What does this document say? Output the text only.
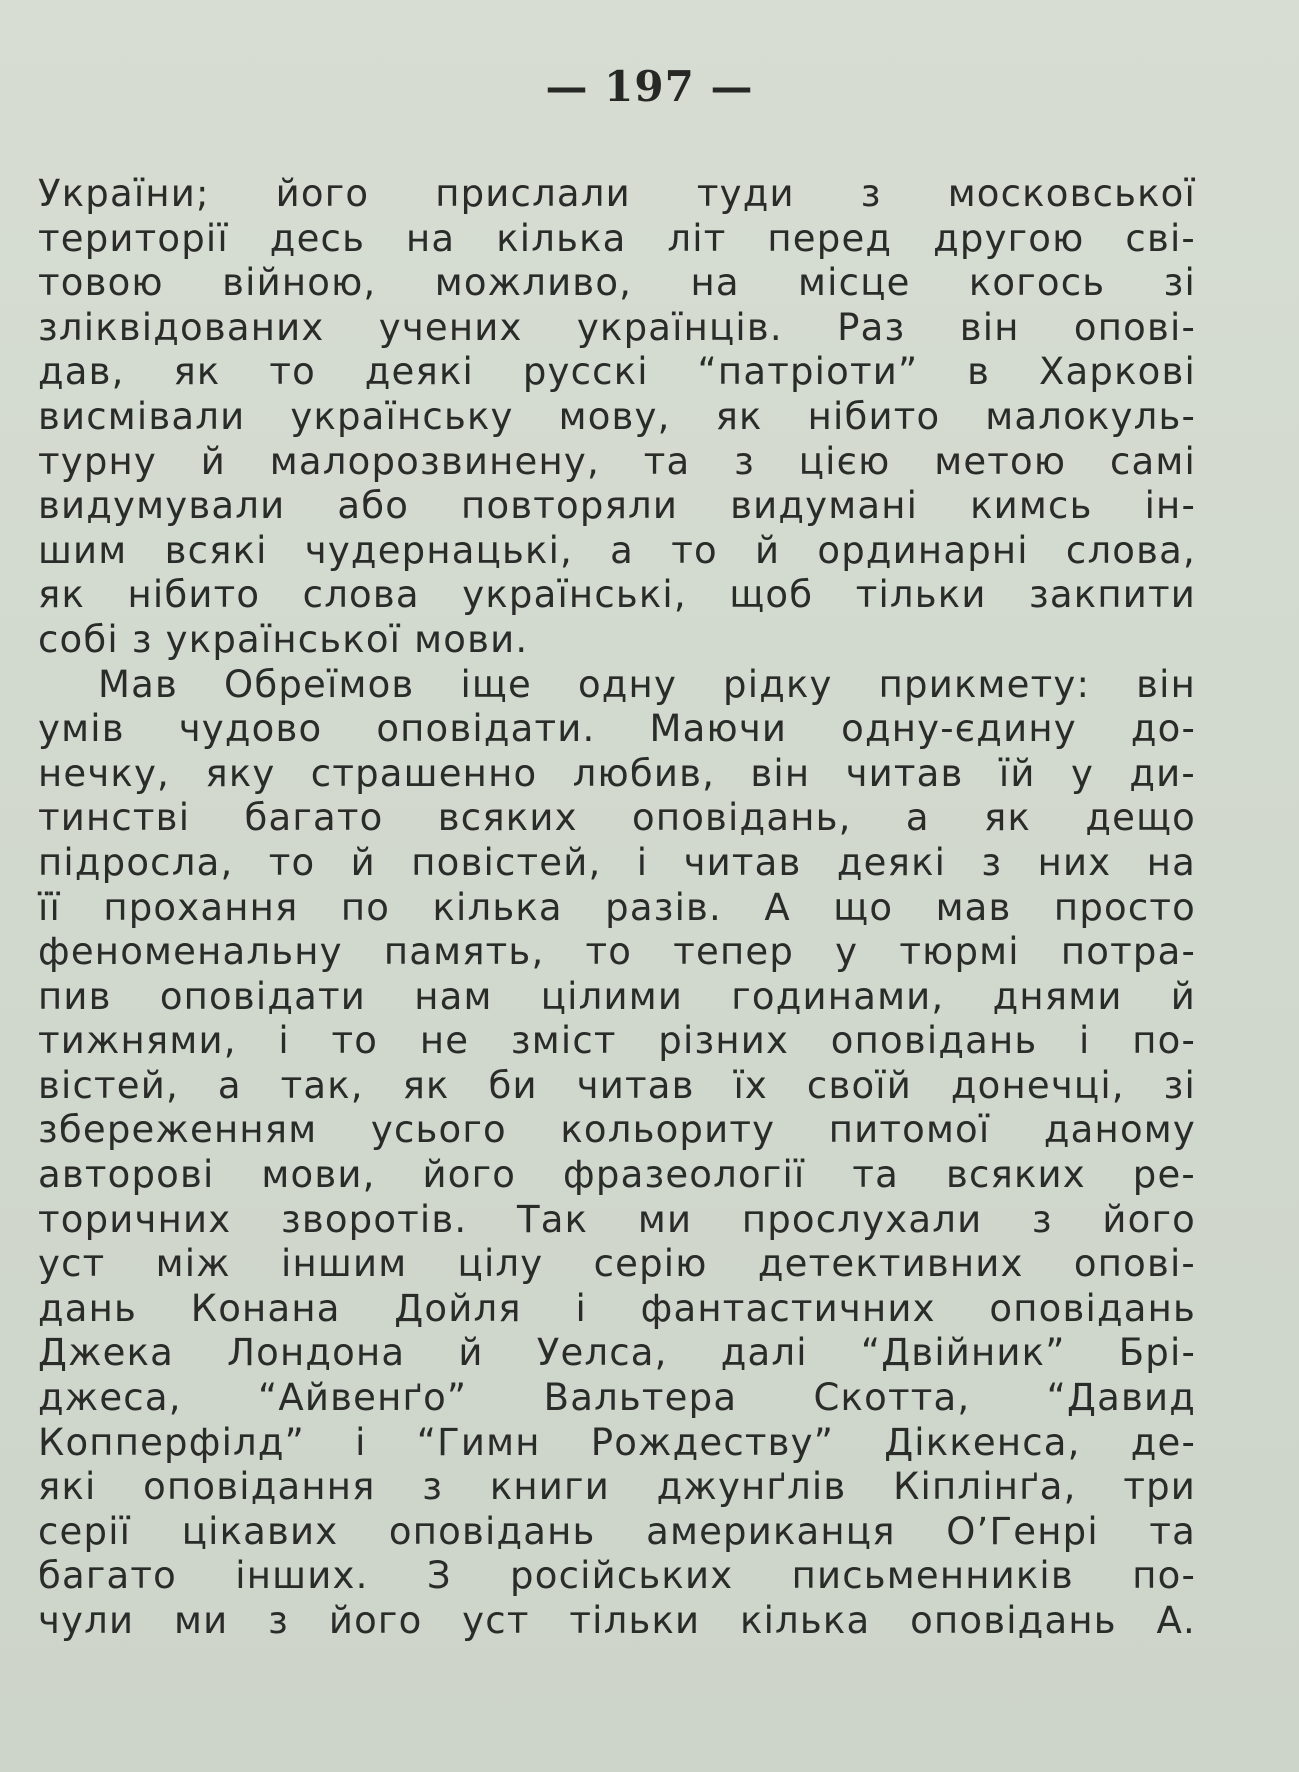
— 197 —
України; його прислали туди з московської
території десь на кілька літ перед другою сві-
товою війною, можливо, на місце когось зі
зліквідованих учених українців. Раз він опові-
дав, як то деякі русскі “патріоти” в Харкові
висмівали українську мову, як нібито малокуль-
турну й малорозвинену, та з цією метою самі
видумували або повторяли видумані кимсь ін-
шим всякі чудернацькі, а то й ординарні слова,
як нібито слова українські, щоб тільки закпити
собі з української мови.
Мав Обреїмов іще одну рідку прикмету: він
умів чудово оповідати. Маючи одну-єдину до-
нечку, яку страшенно любив, він читав їй у ди-
тинстві багато всяких оповідань, а як дещо
підросла, то й повістей, і читав деякі з них на
її прохання по кілька разів. А що мав просто
феноменальну память, то тепер у тюрмі потра-
пив оповідати нам цілими годинами, днями й
тижнями, і то не зміст різних оповідань і по-
вістей, а так, як би читав їх своїй донечці, зі
збереженням усього кольориту питомої даному
авторові мови, його фразеології та всяких ре-
торичних зворотів. Так ми прослухали з його
уст між іншим цілу серію детективних опові-
дань Конана Дойля і фантастичних оповідань
Джека Лондона й Уелса, далі “Двійник” Брі-
джеса, “Айвенґо” Вальтера Скотта, “Давид
Копперфілд” і “Гимн Рождеству” Діккенса, де-
які оповідання з книги джунґлів Кіплінґа, три
серії цікавих оповідань американця О’Генрі та
багато інших. З російських письменників по-
чули ми з його уст тільки кілька оповідань А.
